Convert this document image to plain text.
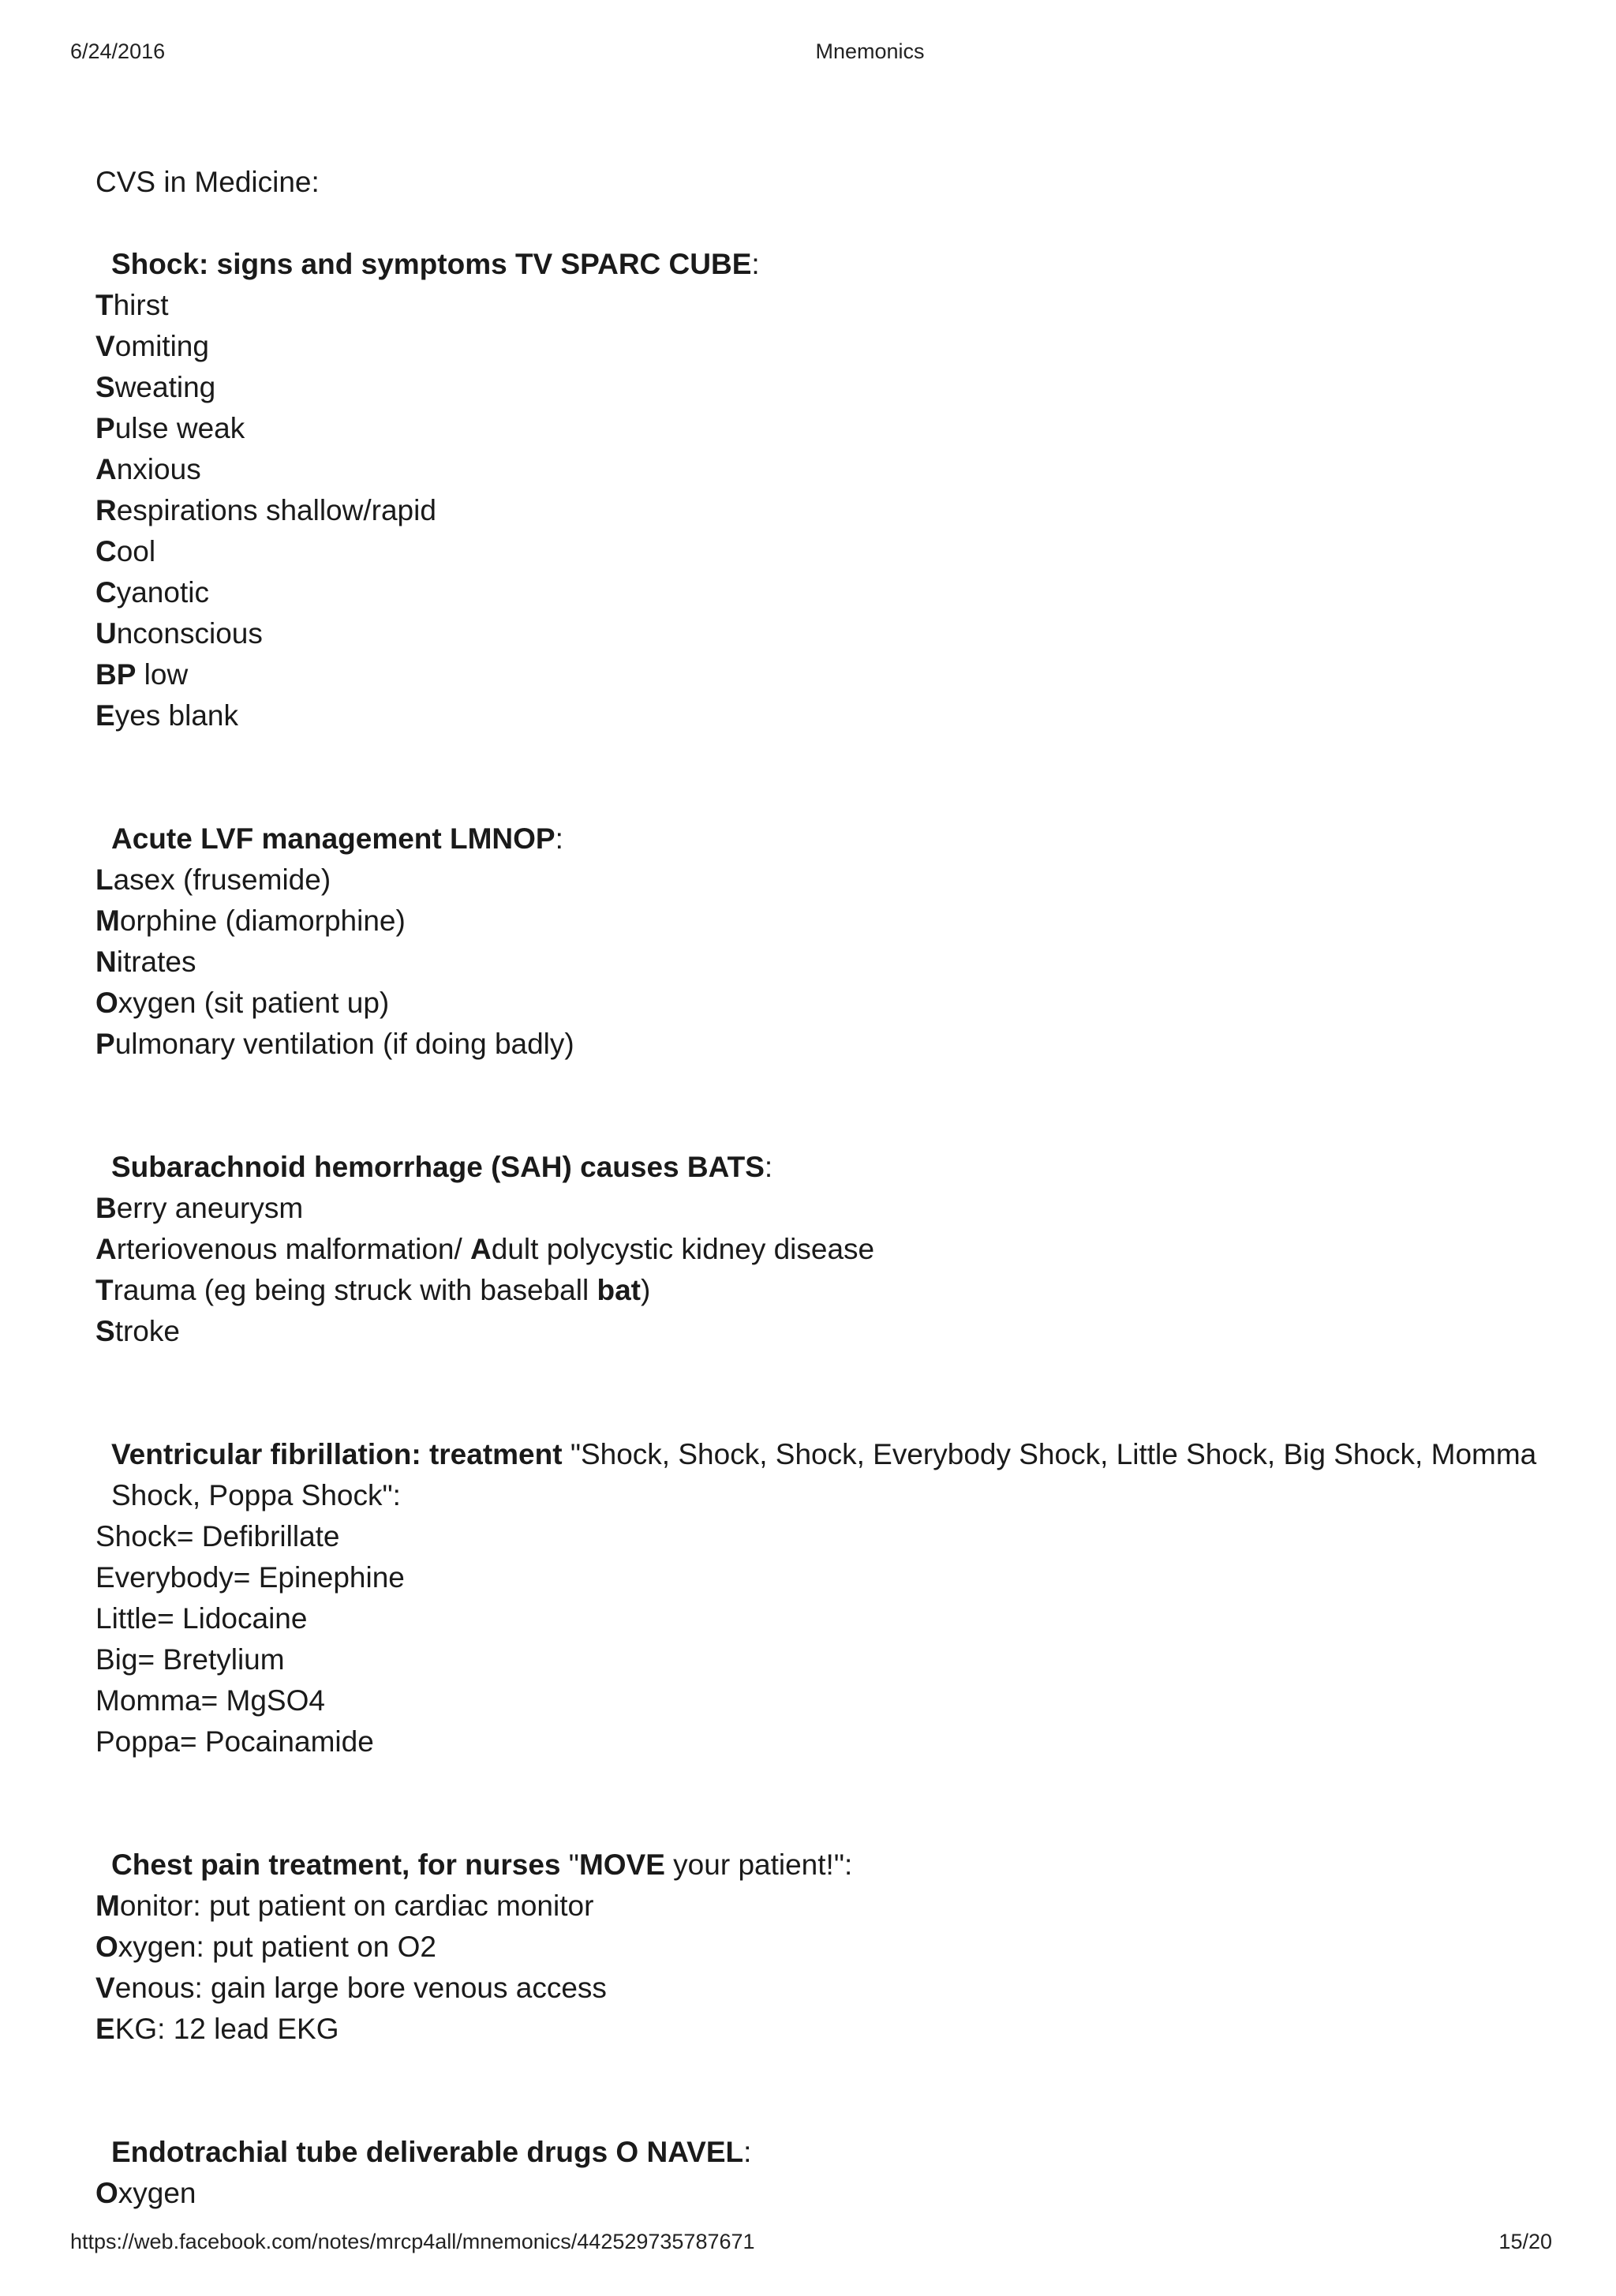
6/24/2016	Mnemonics
CVS in Medicine:
Shock: signs and symptoms TV SPARC CUBE:
Thirst
Vomiting
Sweating
Pulse weak
Anxious
Respirations shallow/rapid
Cool
Cyanotic
Unconscious
BP low
Eyes blank
Acute LVF management LMNOP:
Lasex (frusemide)
Morphine (diamorphine)
Nitrates
Oxygen (sit patient up)
Pulmonary ventilation (if doing badly)
Subarachnoid hemorrhage (SAH) causes BATS:
Berry aneurysm
Arteriovenous malformation/ Adult polycystic kidney disease
Trauma (eg being struck with baseball bat)
Stroke
Ventricular fibrillation: treatment "Shock, Shock, Shock, Everybody Shock, Little Shock, Big Shock, Momma Shock, Poppa Shock":
Shock= Defibrillate
Everybody= Epinephine
Little= Lidocaine
Big= Bretylium
Momma= MgSO4
Poppa= Pocainamide
Chest pain treatment, for nurses "MOVE your patient!":
Monitor: put patient on cardiac monitor
Oxygen: put patient on O2
Venous: gain large bore venous access
EKG: 12 lead EKG
Endotrachial tube deliverable drugs O NAVEL:
Oxygen
https://web.facebook.com/notes/mrcp4all/mnemonics/442529735787671	15/20
